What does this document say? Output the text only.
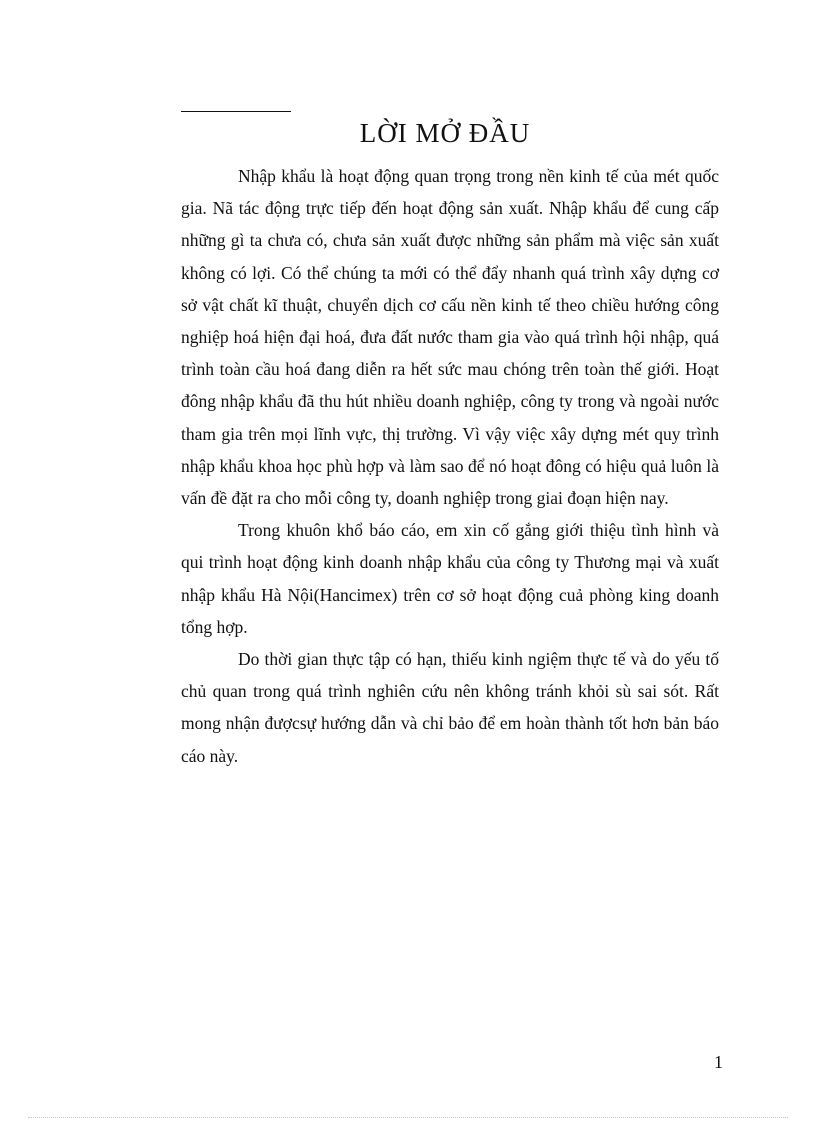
LỜI MỞ ĐẦU

Nhập khẩu là hoạt động quan trọng trong nền kinh tế của mét quốc gia. Nã tác động trực tiếp đến hoạt động sản xuất. Nhập khẩu để cung cấp những gì ta chưa có, chưa sản xuất được những sản phẩm mà việc sản xuất không có lợi. Có thể chúng ta mới có thể đẩy nhanh quá trình xây dựng cơ sở vật chất kĩ thuật, chuyển dịch cơ cấu nền kinh tế theo chiều hướng công nghiệp hoá hiện đại hoá, đưa đất nước tham gia vào quá trình hội nhập, quá trình toàn cầu hoá đang diễn ra hết sức mau chóng trên toàn thế giới. Hoạt đông nhập khẩu đã thu hút nhiều doanh nghiệp, công ty trong và ngoài nước tham gia trên mọi lĩnh vực, thị trường. Vì vậy việc xây dựng mét quy trình nhập khẩu khoa học phù hợp và làm sao để nó hoạt đông có hiệu quả luôn là vấn đề đặt ra cho mỗi công ty, doanh nghiệp trong giai đoạn hiện nay.

Trong khuôn khổ báo cáo, em xin cố gắng giới thiệu tình hình và qui trình hoạt động kinh doanh nhập khẩu của công ty Thương mại và xuất nhập khẩu Hà Nội(Hancimex) trên cơ sở hoạt động cuả phòng king doanh tổng hợp.

Do thời gian thực tập có hạn, thiếu kinh ngiệm thực tế và do yếu tố chủ quan trong quá trình nghiên cứu nên không tránh khỏi sù sai sót. Rất mong nhận đượcsự hướng dẫn và chỉ bảo để em hoàn thành tốt hơn bản báo cáo này.

1
